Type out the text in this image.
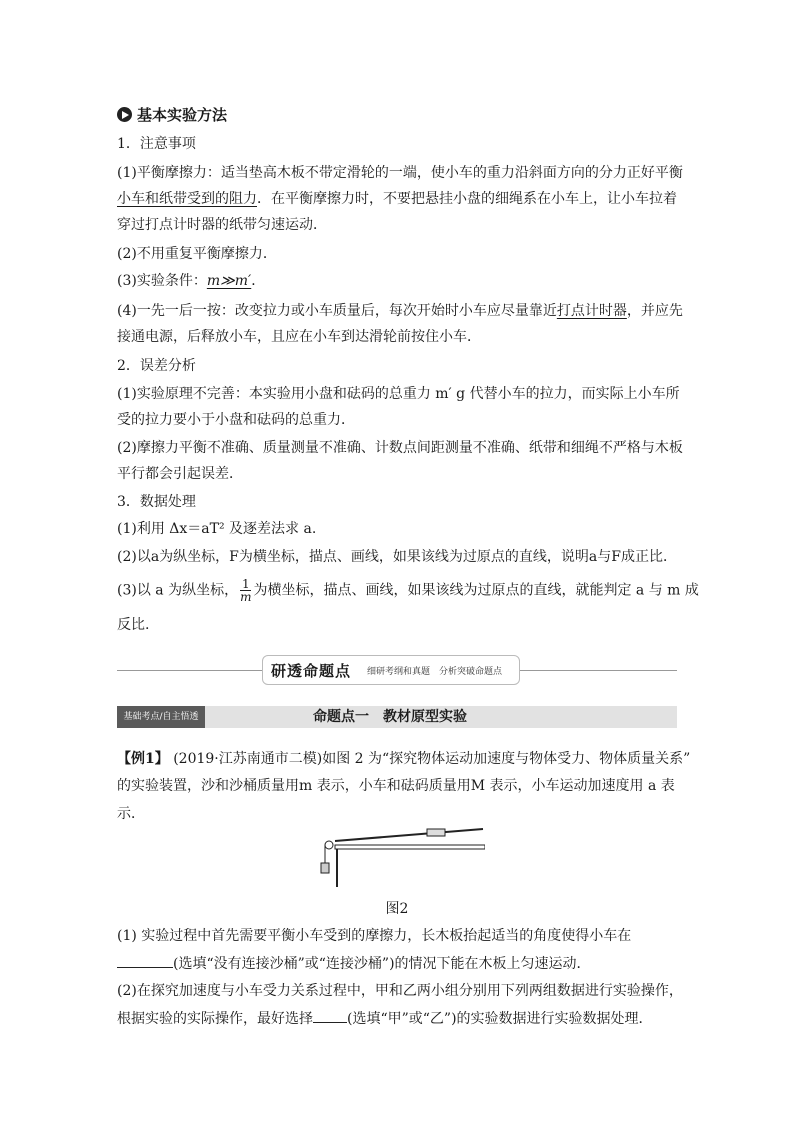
基本实验方法
1．注意事项
(1)平衡摩擦力：适当垫高木板不带定滑轮的一端，使小车的重力沿斜面方向的分力正好平衡
小车和纸带受到的阻力．在平衡摩擦力时，不要把悬挂小盘的细绳系在小车上，让小车拉着
穿过打点计时器的纸带匀速运动．
(2)不用重复平衡摩擦力．
(3)实验条件：m≫m′．
(4)一先一后一按：改变拉力或小车质量后，每次开始时小车应尽量靠近打点计时器，并应先
接通电源，后释放小车，且应在小车到达滑轮前按住小车．
2．误差分析
(1)实验原理不完善：本实验用小盘和砝码的总重力 m′ g 代替小车的拉力，而实际上小车所
受的拉力要小于小盘和砝码的总重力．
(2)摩擦力平衡不准确、质量测量不准确、计数点间距测量不准确、纸带和细绳不严格与木板
平行都会引起误差．
3．数据处理
(1)利用 Δx＝aT² 及逐差法求 a.
(2)以a为纵坐标，F为横坐标，描点、画线，如果该线为过原点的直线，说明a与F成正比．
(3)以 a 为纵坐标， $\frac{1}{m}$ 为横坐标，描点、画线，如果该线为过原点的直线，就能判定 a 与 m 成
反比.
研透命题点 细研考纲和真题　分析突破命题点
基础考点/自主悟透	命题点一　教材原型实验
【例1】 (2019·江苏南通市二模)如图 2 为“探究物体运动加速度与物体受力、物体质量关系”
的实验装置，沙和沙桶质量用m 表示，小车和砝码质量用M 表示，小车运动加速度用 a 表
示．
图2
(1) 实验过程中首先需要平衡小车受到的摩擦力，长木板抬起适当的角度使得小车在
(选填“没有连接沙桶”或“连接沙桶”)的情况下能在木板上匀速运动．
(2)在探究加速度与小车受力关系过程中，甲和乙两小组分别用下列两组数据进行实验操作，
根据实验的实际操作，最好选择 (选填“甲”或“乙”)的实验数据进行实验数据处理．
